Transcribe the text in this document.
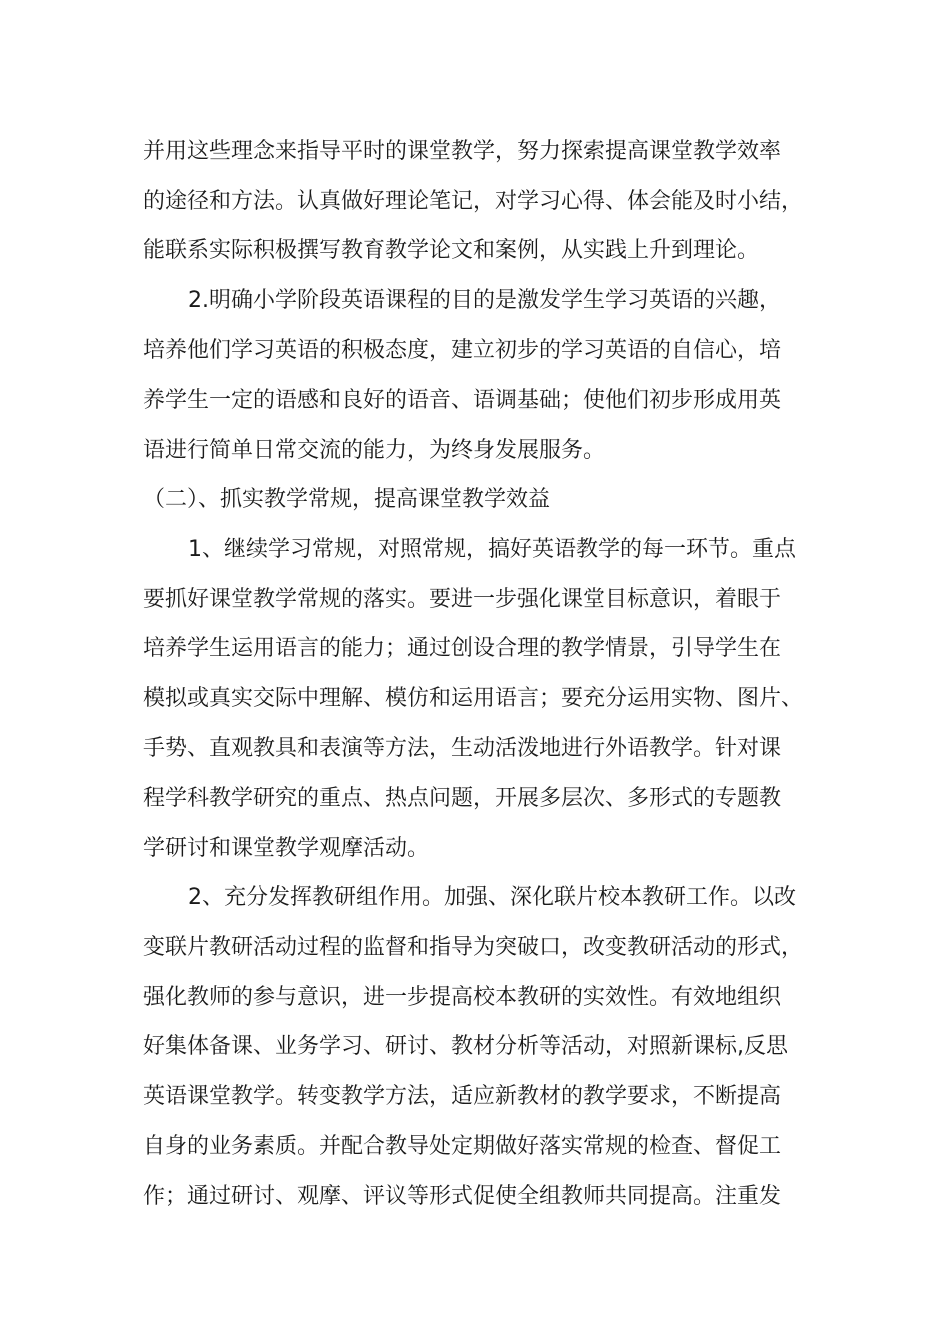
并用这些理念来指导平时的课堂教学，努力探索提高课堂教学效率
的途径和方法。认真做好理论笔记，对学习心得、体会能及时小结，
能联系实际积极撰写教育教学论文和案例，从实践上升到理论。
2.明确小学阶段英语课程的目的是激发学生学习英语的兴趣，
培养他们学习英语的积极态度，建立初步的学习英语的自信心，培
养学生一定的语感和良好的语音、语调基础；使他们初步形成用英
语进行简单日常交流的能力，为终身发展服务。
（二）、抓实教学常规，提高课堂教学效益
1、继续学习常规，对照常规，搞好英语教学的每一环节。重点
要抓好课堂教学常规的落实。要进一步强化课堂目标意识，着眼于
培养学生运用语言的能力；通过创设合理的教学情景，引导学生在
模拟或真实交际中理解、模仿和运用语言；要充分运用实物、图片、
手势、直观教具和表演等方法，生动活泼地进行外语教学。针对课
程学科教学研究的重点、热点问题，开展多层次、多形式的专题教
学研讨和课堂教学观摩活动。
2、充分发挥教研组作用。加强、深化联片校本教研工作。以改
变联片教研活动过程的监督和指导为突破口，改变教研活动的形式，
强化教师的参与意识，进一步提高校本教研的实效性。有效地组织
好集体备课、业务学习、研讨、教材分析等活动，对照新课标,反思
英语课堂教学。转变教学方法，适应新教材的教学要求，不断提高
自身的业务素质。并配合教导处定期做好落实常规的检查、督促工
作；通过研讨、观摩、评议等形式促使全组教师共同提高。注重发
